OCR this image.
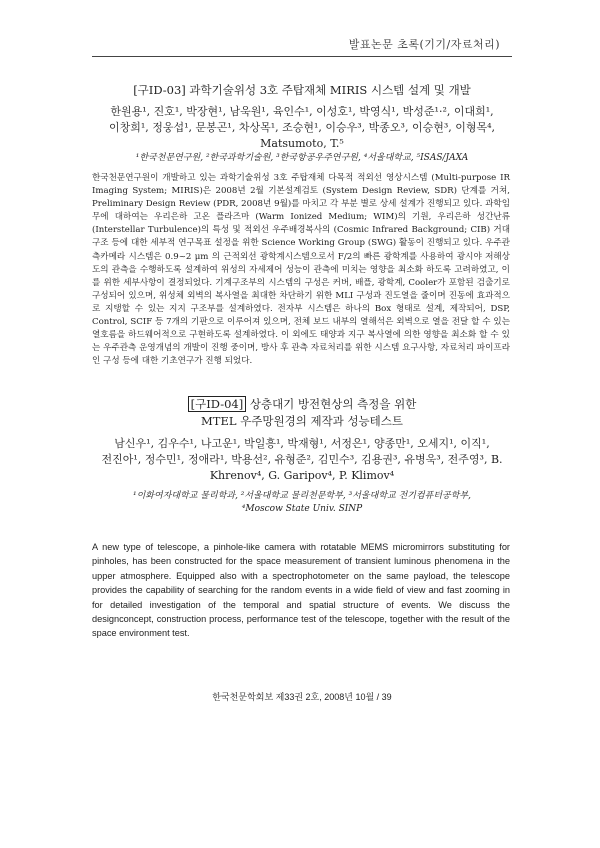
발표논문 초록(기기/자료처리)
[구ID-03] 과학기술위성 3호 주탑재체 MIRIS 시스템 설계 및 개발
한원용¹, 진호¹, 박장현¹, 남욱원¹, 육인수¹, 이성호¹, 박영식¹, 박성준¹·², 이대희¹,
이창희¹, 정웅섭¹, 문봉곤¹, 차상목¹, 조승현¹, 이승우³, 박종오³, 이승현³, 이형목⁴,
Matsumoto, T.⁵
¹한국천문연구원, ²한국과학기술원, ³한국항공우주연구원, ⁴서울대학교, ⁵ISAS/JAXA

한국천문연구원이 개발하고 있는 과학기술위성 3호 주탑재체 다목적 적외선 영상시스템 (Multi-purpose IR Imaging System; MIRIS)은 2008년 2월 기본설계검토 (System Design Review, SDR) 단계를 거쳐, Preliminary Design Review (PDR, 2008년 9월)를 마치고 각 부분 별로 상세 설계가 진행되고 있다. 과학임무에 대하여는 우리은하 고온 플라즈마 (Warm Ionized Medium; WIM)의 기원, 우리은하 성간난류 (Interstellar Turbulence)의 특성 및 적외선 우주배경복사의 (Cosmic Infrared Background; CIB) 거대구조 등에 대한 세부적 연구목표 설정을 위한 Science Working Group (SWG) 활동이 진행되고 있다. 우주관측카메라 시스템은 0.9~2 μm 의 근적외선 광학계시스템으로서 F/2의 빠른 광학계를 사용하여 광시야 저해상도의 관측을 수행하도록 설계하여 위성의 자세제어 성능이 관측에 미치는 영향을 최소화 하도록 고려하였고, 이를 위한 세부사항이 결정되었다. 기계구조부의 시스템의 구성은 커버, 배플, 광학계, Cooler가 포함된 검출기로 구성되어 있으며, 위성체 외벽의 복사열을 최대한 차단하기 위한 MLI 구성과 진도열을 줄이며 진동에 효과적으로 지탱할 수 있는 지지 구조부를 설계하였다. 전자부 시스템은 하나의 Box 형태로 설계, 제작되어, DSP, Control, SCIF 등 7개의 기판으로 이루어져 있으며, 전체 보드 내부의 열해석은 외벽으로 열을 전달 할 수 있는 열호름을 하드웨어적으로 구현하도록 설계하였다. 이 외에도 태양과 지구 복사열에 의한 영향을 최소화 할 수 있는 우주관측 운영개념의 개발이 진행 중이며, 방사 후 관측 자료처리를 위한 시스템 요구사항, 자료처리 파이프라인 구성 등에 대한 기초연구가 진행 되었다.

[구ID-04] 상층대기 방전현상의 측정을 위한
MTEL 우주망원경의 제작과 성능테스트
남신우¹, 김우수¹, 나고운¹, 박일흥¹, 박재형¹, 서정은¹, 양종만¹, 오세지¹, 이직¹,
전진아¹, 정수민¹, 정애라¹, 박용선², 유형준², 김민수³, 김용권³, 유병욱³, 전주영³, B.
Khrenov⁴, G. Garipov⁴, P. Klimov⁴
¹이화여자대학교 물리학과, ²서울대학교 물리천문학부, ³서울대학교 전기컴퓨터공학부,
⁴Moscow State Univ. SINP

A new type of telescope, a pinhole-like camera with rotatable MEMS micromirrors substituting for pinholes, has been constructed for the space measurement of transient luminous phenomena in the upper atmosphere. Equipped also with a spectrophotometer on the same payload, the telescope provides the capability of searching for the random events in a wide field of view and fast zooming in for detailed investigation of the temporal and spatial structure of events. We discuss the designconcept, construction process, performance test of the telescope, together with the result of the space environment test.

한국천문학회보 제33권 2호, 2008년 10월 / 39
